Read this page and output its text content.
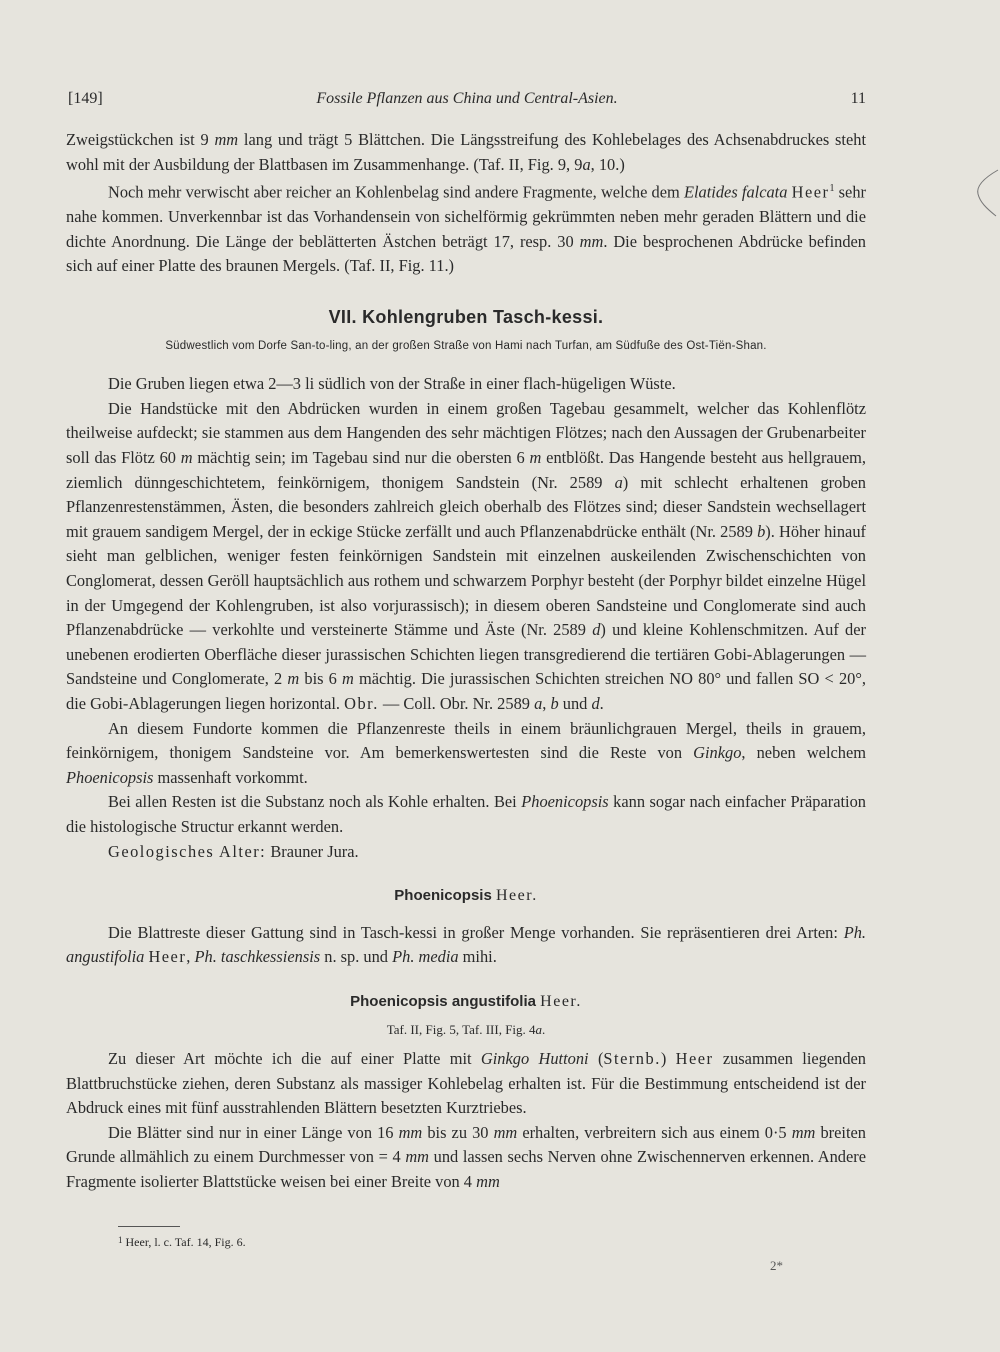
[149]	Fossile Pflanzen aus China und Central-Asien.	11

Zweigstückchen ist 9 mm lang und trägt 5 Blättchen. Die Längsstreifung des Kohlebelages des Achsenabdruckes steht wohl mit der Ausbildung der Blattbasen im Zusammenhange. (Taf. II, Fig. 9, 9a, 10.)

Noch mehr verwischt aber reicher an Kohlenbelag sind andere Fragmente, welche dem Elatides falcata Heer$^1$ sehr nahe kommen. Unverkennbar ist das Vorhandensein von sichelförmig gekrümmten neben mehr geraden Blättern und die dichte Anordnung. Die Länge der beblätterten Ästchen beträgt 17, resp. 30 mm. Die besprochenen Abdrücke befinden sich auf einer Platte des braunen Mergels. (Taf. II, Fig. 11.)

VII. Kohlengruben Tasch-kessi.
Südwestlich vom Dorfe San-to-ling, an der großen Straße von Hami nach Turfan, am Südfuße des Ost-Tiën-Shan.

Die Gruben liegen etwa 2—3 li südlich von der Straße in einer flach-hügeligen Wüste.

Die Handstücke mit den Abdrücken wurden in einem großen Tagebau gesammelt, welcher das Kohlenflötz theilweise aufdeckt; sie stammen aus dem Hangenden des sehr mächtigen Flötzes; nach den Aussagen der Grubenarbeiter soll das Flötz 60 m mächtig sein; im Tagebau sind nur die obersten 6 m entblößt. Das Hangende besteht aus hellgrauem, ziemlich dünngeschichtetem, feinkörnigem, thonigem Sandstein (Nr. 2589 a) mit schlecht erhaltenen groben Pflanzenrestenstämmen, Ästen, die besonders zahlreich gleich oberhalb des Flötzes sind; dieser Sandstein wechsellagert mit grauem sandigem Mergel, der in eckige Stücke zerfällt und auch Pflanzenabdrücke enthält (Nr. 2589 b). Höher hinauf sieht man gelblichen, weniger festen feinkörnigen Sandstein mit einzelnen auskeilenden Zwischenschichten von Conglomerat, dessen Geröll hauptsächlich aus rothem und schwarzem Porphyr besteht (der Porphyr bildet einzelne Hügel in der Umgegend der Kohlengruben, ist also vorjurassisch); in diesem oberen Sandsteine und Conglomerate sind auch Pflanzenabdrücke — verkohlte und versteinerte Stämme und Äste (Nr. 2589 d) und kleine Kohlenschmitzen. Auf der unebenen erodierten Oberfläche dieser jurassischen Schichten liegen transgredierend die tertiären Gobi-Ablagerungen — Sandsteine und Conglomerate, 2 m bis 6 m mächtig. Die jurassischen Schichten streichen NO 80° und fallen SO < 20°, die Gobi-Ablagerungen liegen horizontal. Obr. — Coll. Obr. Nr. 2589 a, b und d.

An diesem Fundorte kommen die Pflanzenreste theils in einem bräunlichgrauen Mergel, theils in grauem, feinkörnigem, thonigem Sandsteine vor. Am bemerkenswertesten sind die Reste von Ginkgo, neben welchem Phoenicopsis massenhaft vorkommt.

Bei allen Resten ist die Substanz noch als Kohle erhalten. Bei Phoenicopsis kann sogar nach einfacher Präparation die histologische Structur erkannt werden.

Geologisches Alter: Brauner Jura.

Phoenicopsis Heer.

Die Blattreste dieser Gattung sind in Tasch-kessi in großer Menge vorhanden. Sie repräsentieren drei Arten: Ph. angustifolia Heer, Ph. taschkessiensis n. sp. und Ph. media mihi.

Phoenicopsis angustifolia Heer.
Taf. II, Fig. 5, Taf. III, Fig. 4a.

Zu dieser Art möchte ich die auf einer Platte mit Ginkgo Huttoni (Sternb.) Heer zusammen liegenden Blattbruchstücke ziehen, deren Substanz als massiger Kohlebelag erhalten ist. Für die Bestimmung entscheidend ist der Abdruck eines mit fünf ausstrahlenden Blättern besetzten Kurztriebes.

Die Blätter sind nur in einer Länge von 16 mm bis zu 30 mm erhalten, verbreitern sich aus einem 0·5 mm breiten Grunde allmählich zu einem Durchmesser von = 4 mm und lassen sechs Nerven ohne Zwischennerven erkennen. Andere Fragmente isolierter Blattstücke weisen bei einer Breite von 4 mm

$^1$ Heer, l. c. Taf. 14, Fig. 6.
2*
